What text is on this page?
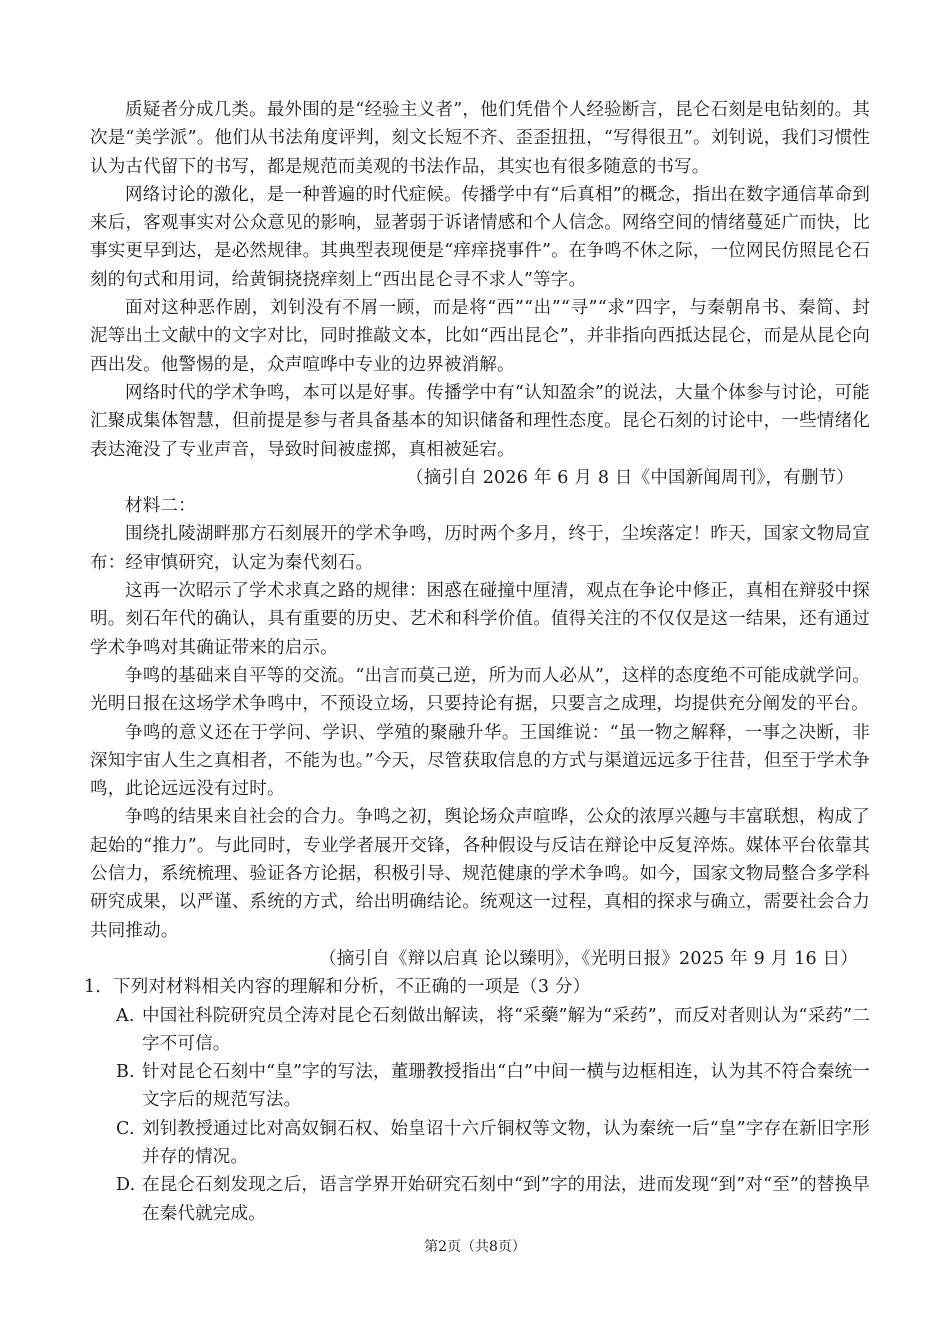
质疑者分成几类。最外围的是“经验主义者”，他们凭借个人经验断言，昆仑石刻是电钻刻的。其次是“美学派”。他们从书法角度评判，刻文长短不齐、歪歪扭扭，“写得很丑”。刘钊说，我们习惯性认为古代留下的书写，都是规范而美观的书法作品，其实也有很多随意的书写。

网络讨论的激化，是一种普遍的时代症候。传播学中有“后真相”的概念，指出在数字通信革命到来后，客观事实对公众意见的影响，显著弱于诉诸情感和个人信念。网络空间的情绪蔓延广而快，比事实更早到达，是必然规律。其典型表现便是“痒痒挠事件”。在争鸣不休之际，一位网民仿照昆仑石刻的句式和用词，给黄铜挠挠痒刻上“西出昆仑寻不求人”等字。

面对这种恶作剧，刘钊没有不屑一顾，而是将“西”“出”“寻”“求”四字，与秦朝帛书、秦简、封泥等出土文献中的文字对比，同时推敲文本，比如“西出昆仑”，并非指向西抵达昆仑，而是从昆仑向西出发。他警惕的是，众声喧哗中专业的边界被消解。

网络时代的学术争鸣，本可以是好事。传播学中有“认知盈余”的说法，大量个体参与讨论，可能汇聚成集体智慧，但前提是参与者具备基本的知识储备和理性态度。昆仑石刻的讨论中，一些情绪化表达淹没了专业声音，导致时间被虚掷，真相被延宕。

（摘引自 2026 年 6 月 8 日《中国新闻周刊》，有删节）

材料二：

围绕扎陵湖畔那方石刻展开的学术争鸣，历时两个多月，终于，尘埃落定！昨天，国家文物局宣布：经审慎研究，认定为秦代刻石。

这再一次昭示了学术求真之路的规律：困惑在碰撞中厘清，观点在争论中修正，真相在辩驳中探明。刻石年代的确认，具有重要的历史、艺术和科学价值。值得关注的不仅仅是这一结果，还有通过学术争鸣对其确证带来的启示。

争鸣的基础来自平等的交流。“出言而莫己逆，所为而人必从”，这样的态度绝不可能成就学问。光明日报在这场学术争鸣中，不预设立场，只要持论有据，只要言之成理，均提供充分阐发的平台。

争鸣的意义还在于学问、学识、学殖的聚融升华。王国维说：“虽一物之解释，一事之决断，非深知宇宙人生之真相者，不能为也。”今天，尽管获取信息的方式与渠道远远多于往昔，但至于学术争鸣，此论远远没有过时。

争鸣的结果来自社会的合力。争鸣之初，舆论场众声喧哗，公众的浓厚兴趣与丰富联想，构成了起始的“推力”。与此同时，专业学者展开交锋，各种假设与反诘在辩论中反复淬炼。媒体平台依靠其公信力，系统梳理、验证各方论据，积极引导、规范健康的学术争鸣。如今，国家文物局整合多学科研究成果，以严谨、系统的方式，给出明确结论。统观这一过程，真相的探求与确立，需要社会合力共同推动。

（摘引自《辩以启真 论以臻明》，《光明日报》2025 年 9 月 16 日）

1．下列对材料相关内容的理解和分析，不正确的一项是（3 分）

A. 中国社科院研究员仝涛对昆仑石刻做出解读，将“采藥”解为“采药”，而反对者则认为“采药”二字不可信。
B. 针对昆仑石刻中“皇”字的写法，董珊教授指出“白”中间一横与边框相连，认为其不符合秦统一文字后的规范写法。
C. 刘钊教授通过比对高奴铜石权、始皇诏十六斤铜权等文物，认为秦统一后“皇”字存在新旧字形并存的情况。
D. 在昆仑石刻发现之后，语言学界开始研究石刻中“到”字的用法，进而发现“到”对“至”的替换早在秦代就完成。
第2页（共8页）
